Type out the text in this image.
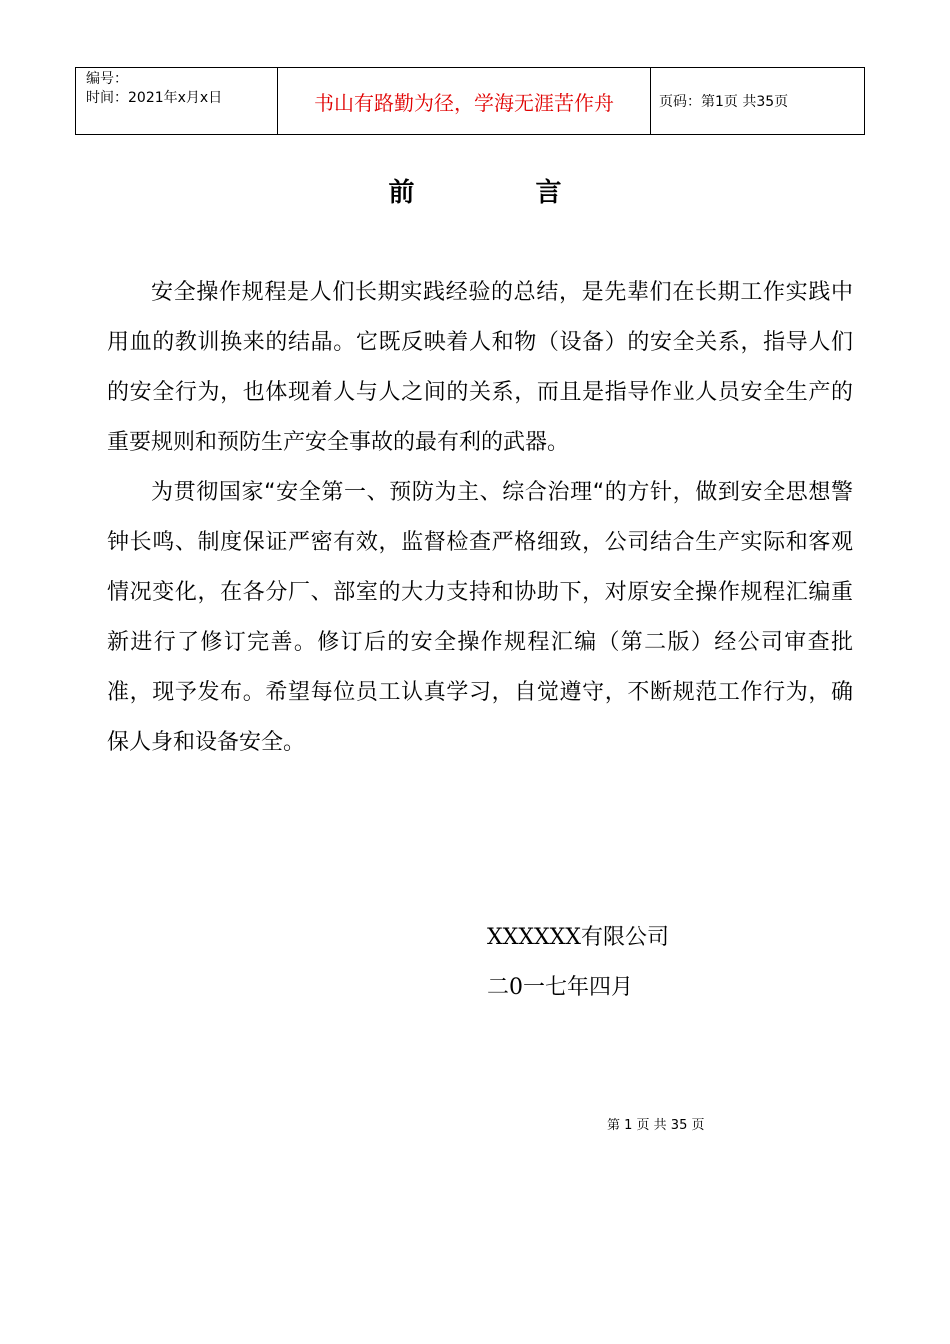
编号：
时间：2021年x月x日	书山有路勤为径，学海无涯苦作舟	页码：第1页 共35页
前 言

安全操作规程是人们长期实践经验的总结，是先辈们在长期工作实践中用血的教训换来的结晶。它既反映着人和物（设备）的安全关系，指导人们的安全行为，也体现着人与人之间的关系，而且是指导作业人员安全生产的重要规则和预防生产安全事故的最有利的武器。

为贯彻国家“安全第一、预防为主、综合治理“的方针，做到安全思想警钟长鸣、制度保证严密有效，监督检查严格细致，公司结合生产实际和客观情况变化，在各分厂、部室的大力支持和协助下，对原安全操作规程汇编重新进行了修订完善。修订后的安全操作规程汇编（第二版）经公司审查批准，现予发布。希望每位员工认真学习，自觉遵守，不断规范工作行为，确保人身和设备安全。

XXXXXX有限公司
二0一七年四月
第 1 页 共 35 页
